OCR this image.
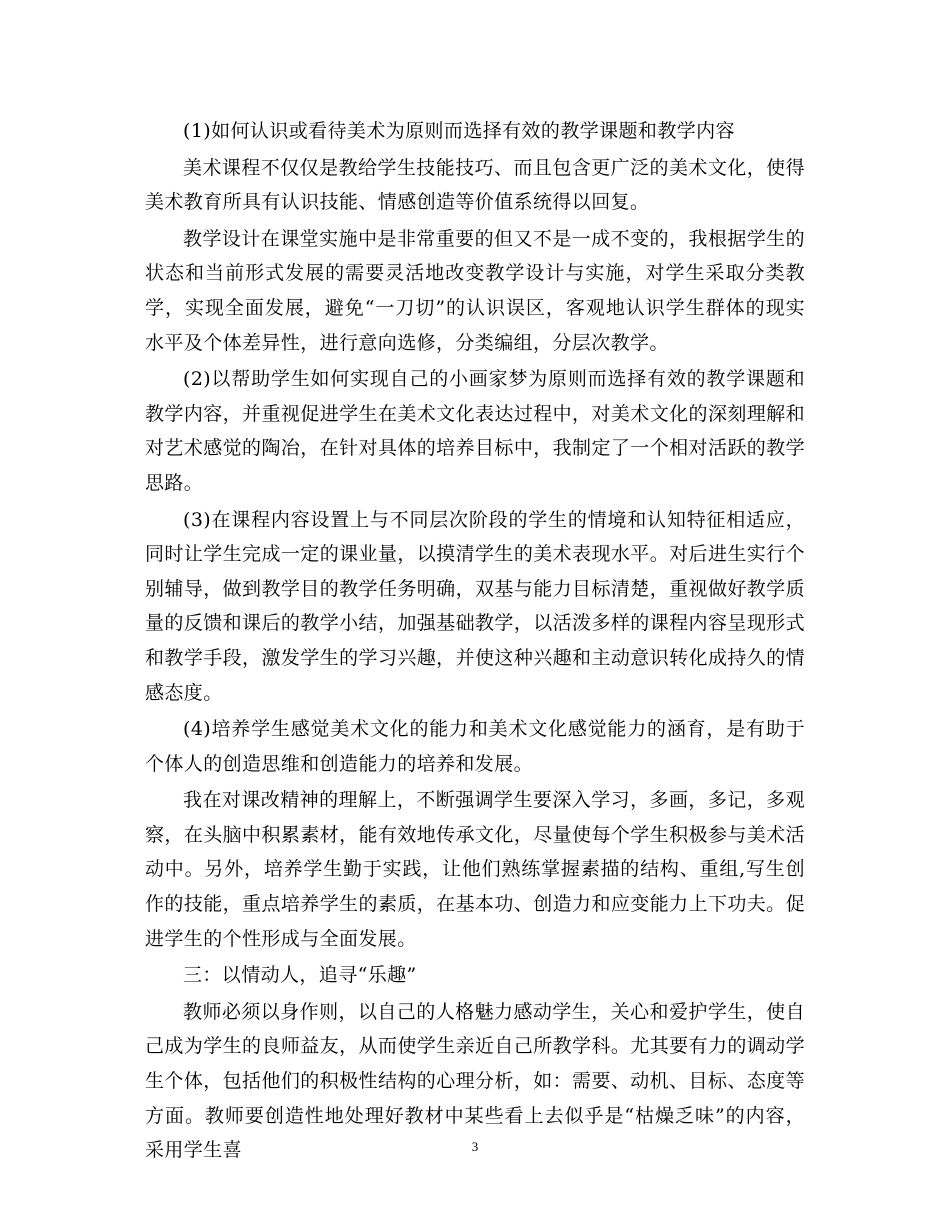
(1)如何认识或看待美术为原则而选择有效的教学课题和教学内容

美术课程不仅仅是教给学生技能技巧、而且包含更广泛的美术文化，使得美术教育所具有认识技能、情感创造等价值系统得以回复。

教学设计在课堂实施中是非常重要的但又不是一成不变的，我根据学生的状态和当前形式发展的需要灵活地改变教学设计与实施，对学生采取分类教学，实现全面发展，避免“一刀切”的认识误区，客观地认识学生群体的现实水平及个体差异性，进行意向选修，分类编组，分层次教学。

(2)以帮助学生如何实现自己的小画家梦为原则而选择有效的教学课题和教学内容，并重视促进学生在美术文化表达过程中，对美术文化的深刻理解和对艺术感觉的陶冶，在针对具体的培养目标中，我制定了一个相对活跃的教学思路。

(3)在课程内容设置上与不同层次阶段的学生的情境和认知特征相适应，同时让学生完成一定的课业量，以摸清学生的美术表现水平。对后进生实行个别辅导，做到教学目的教学任务明确，双基与能力目标清楚，重视做好教学质量的反馈和课后的教学小结，加强基础教学，以活泼多样的课程内容呈现形式和教学手段，激发学生的学习兴趣，并使这种兴趣和主动意识转化成持久的情感态度。

(4)培养学生感觉美术文化的能力和美术文化感觉能力的涵育，是有助于个体人的创造思维和创造能力的培养和发展。

我在对课改精神的理解上，不断强调学生要深入学习，多画，多记，多观察，在头脑中积累素材，能有效地传承文化，尽量使每个学生积极参与美术活动中。另外，培养学生勤于实践，让他们熟练掌握素描的结构、重组,写生创作的技能，重点培养学生的素质，在基本功、创造力和应变能力上下功夫。促进学生的个性形成与全面发展。

三：以情动人，追寻“乐趣”

教师必须以身作则，以自己的人格魅力感动学生，关心和爱护学生，使自己成为学生的良师益友，从而使学生亲近自己所教学科。尤其要有力的调动学生个体，包括他们的积极性结构的心理分析，如：需要、动机、目标、态度等方面。教师要创造性地处理好教材中某些看上去似乎是“枯燥乏味”的内容，采用学生喜	3
